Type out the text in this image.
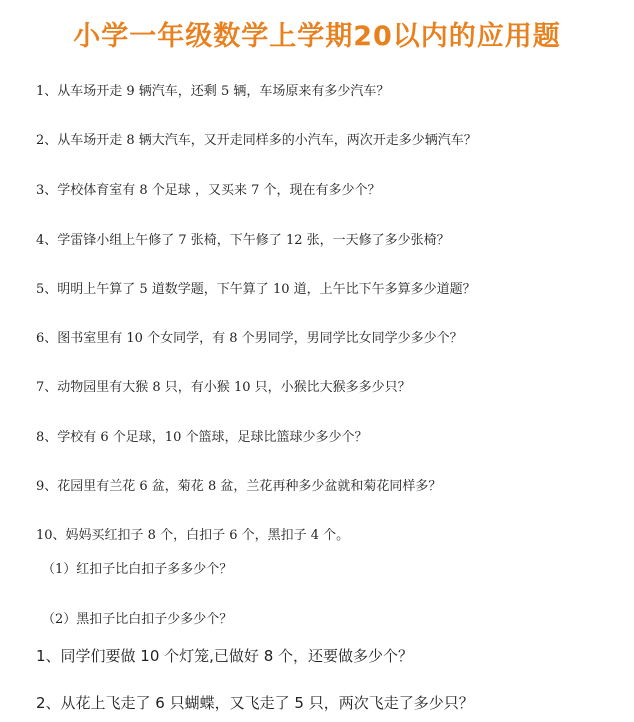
小学一年级数学上学期20以内的应用题

1、从车场开走 9 辆汽车，还剩 5 辆，车场原来有多少汽车？

2、从车场开走 8 辆大汽车，又开走同样多的小汽车，两次开走多少辆汽车？

3、学校体育室有 8 个足球 ，又买来 7 个，现在有多少个？

4、学雷锋小组上午修了 7 张椅，下午修了 12 张，一天修了多少张椅？

5、明明上午算了 5 道数学题，下午算了 10 道，上午比下午多算多少道题？

6、图书室里有 10 个女同学，有 8 个男同学，男同学比女同学少多少个？

7、动物园里有大猴 8 只，有小猴 10 只，小猴比大猴多多少只？

8、学校有 6 个足球，10 个篮球，足球比篮球少多少个？

9、花园里有兰花 6 盆，菊花 8 盆，兰花再种多少盆就和菊花同样多？

10、妈妈买红扣子 8 个，白扣子 6 个，黑扣子 4 个。

（1）红扣子比白扣子多多少个？

（2）黑扣子比白扣子少多少个？

1、同学们要做 10 个灯笼,已做好 8 个，还要做多少个？

2、从花上飞走了 6 只蝴蝶，又飞走了 5 只，两次飞走了多少只？
